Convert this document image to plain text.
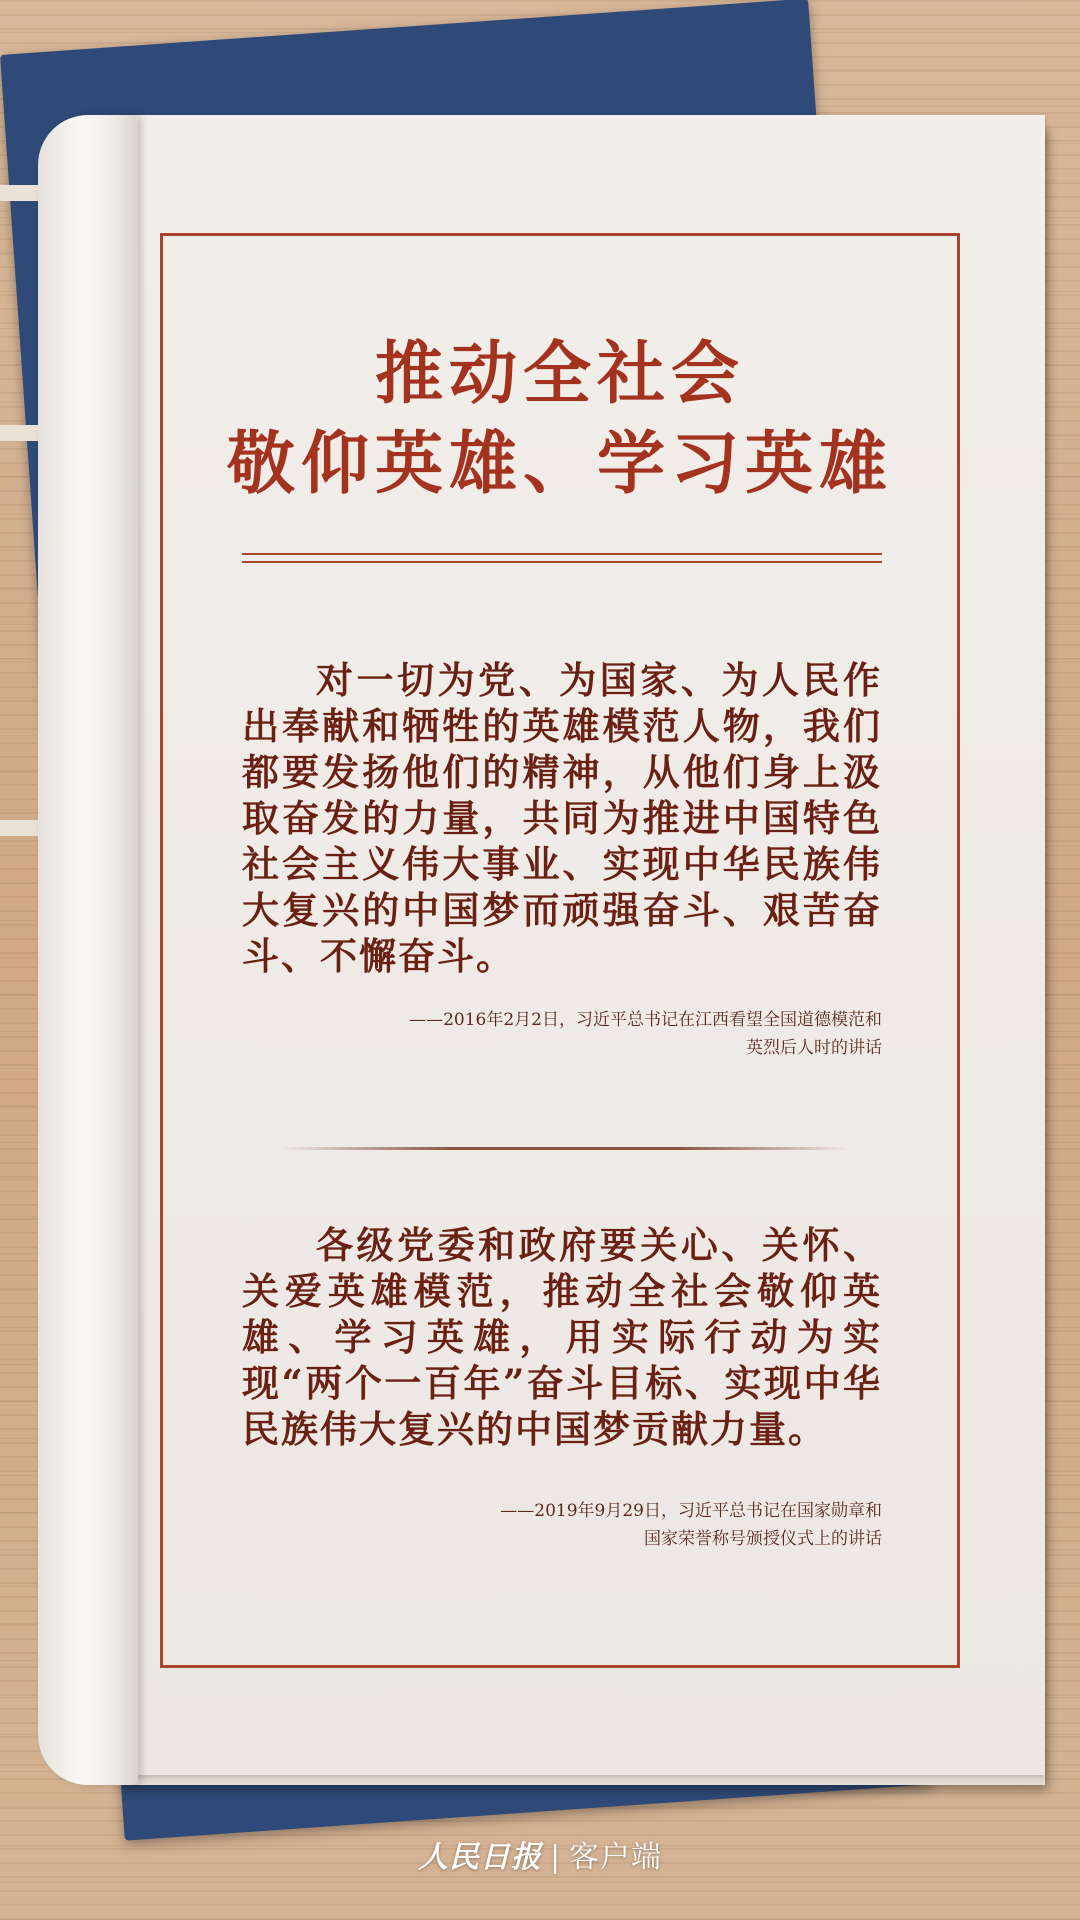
推动全社会
敬仰英雄、学习英雄
对一切为党、为国家、为人民作出奉献和牺牲的英雄模范人物，我们都要发扬他们的精神，从他们身上汲取奋发的力量，共同为推进中国特色社会主义伟大事业、实现中华民族伟大复兴的中国梦而顽强奋斗、艰苦奋斗、不懈奋斗。
——2016年2月2日，习近平总书记在江西看望全国道德模范和
英烈后人时的讲话
各级党委和政府要关心、关怀、关爱英雄模范，推动全社会敬仰英雄、学习英雄，用实际行动为实现“两个一百年”奋斗目标、实现中华民族伟大复兴的中国梦贡献力量。
——2019年9月29日，习近平总书记在国家勋章和
国家荣誉称号颁授仪式上的讲话
人民日报 | 客户端
